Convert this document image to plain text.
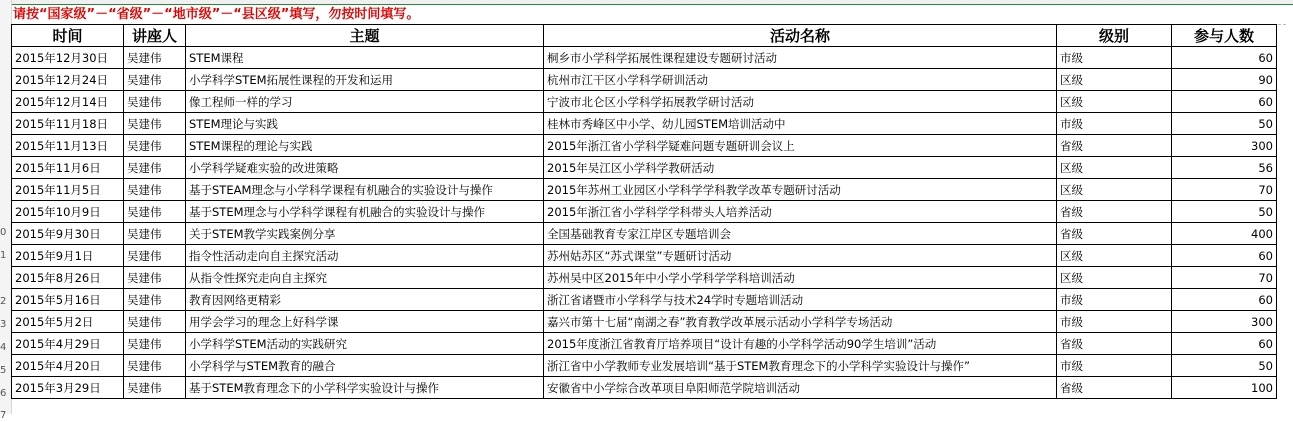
0
1
2
3
4
5
6
7
请按“国家级”－“省级”－“地市级”－“县区级”填写，勿按时间填写。
时间	讲座人	主题	活动名称	级别	参与人数
2015年12月30日	吴建伟	STEM课程	桐乡市小学科学拓展性课程建设专题研讨活动	市级	60
2015年12月24日	吴建伟	小学科学STEM拓展性课程的开发和运用	杭州市江干区小学科学研训活动	区级	90
2015年12月14日	吴建伟	像工程师一样的学习	宁波市北仑区小学科学拓展教学研讨活动	区级	60
2015年11月18日	吴建伟	STEM理论与实践	桂林市秀峰区中小学、幼儿园STEM培训活动中	市级	50
2015年11月13日	吴建伟	STEM课程的理论与实践	2015年浙江省小学科学疑难问题专题研训会议上	省级	300
2015年11月6日	吴建伟	小学科学疑难实验的改进策略	2015年吴江区小学科学教研活动	区级	56
2015年11月5日	吴建伟	基于STEAM理念与小学科学课程有机融合的实验设计与操作	2015年苏州工业园区小学科学学科教学改革专题研讨活动	区级	70
2015年10月9日	吴建伟	基于STEM理念与小学科学课程有机融合的实验设计与操作	2015年浙江省小学科学学科带头人培养活动	省级	50
2015年9月30日	吴建伟	关于STEM教学实践案例分享	全国基础教育专家江岸区专题培训会	省级	400
2015年9月1日	吴建伟	指令性活动走向自主探究活动	苏州姑苏区“苏式课堂”专题研讨活动	区级	60
2015年8月26日	吴建伟	从指令性探究走向自主探究	苏州吴中区2015年中小学小学科学学科培训活动	区级	70
2015年5月16日	吴建伟	教育因网络更精彩	浙江省诸暨市小学科学与技术24学时专题培训活动	市级	60
2015年5月2日	吴建伟	用学会学习的理念上好科学课	嘉兴市第十七届“南湖之春”教育教学改革展示活动小学科学专场活动	市级	300
2015年4月29日	吴建伟	小学科学STEM活动的实践研究	2015年度浙江省教育厅培养项目“设计有趣的小学科学活动90学生培训”活动	省级	60
2015年4月20日	吴建伟	小学科学与STEM教育的融合	浙江省中小学教师专业发展培训“基于STEM教育理念下的小学科学实验设计与操作”	市级	50
2015年3月29日	吴建伟	基于STEM教育理念下的小学科学实验设计与操作	安徽省中小学综合改革项目阜阳师范学院培训活动	省级	100
